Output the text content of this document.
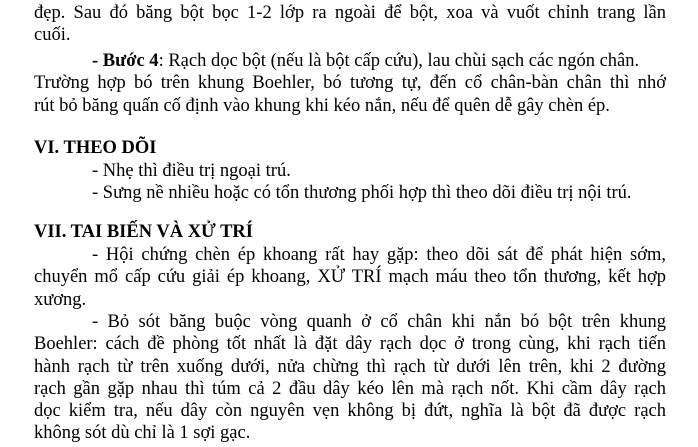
đẹp. Sau đó băng bột bọc 1-2 lớp ra ngoài để bột, xoa và vuốt chỉnh trang lần
cuối.
- Bước 4: Rạch dọc bột (nếu là bột cấp cứu), lau chùi sạch các ngón chân.
Trường hợp bó trên khung Boehler, bó tương tự, đến cổ chân-bàn chân thì nhớ
rút bỏ băng quấn cố định vào khung khi kéo nắn, nếu để quên dễ gây chèn ép.
VI. THEO DÕI
- Nhẹ thì điều trị ngoại trú.
- Sưng nề nhiều hoặc có tổn thương phối hợp thì theo dõi điều trị nội trú.
VII. TAI BIẾN VÀ XỬ TRÍ
- Hội chứng chèn ép khoang rất hay gặp: theo dõi sát để phát hiện sớm,
chuyển mổ cấp cứu giải ép khoang, XỬ TRÍ mạch máu theo tổn thương, kết hợp
xương.
- Bỏ sót băng buộc vòng quanh ở cổ chân khi nắn bó bột trên khung
Boehler: cách đề phòng tốt nhất là đặt dây rạch dọc ở trong cùng, khi rạch tiến
hành rạch từ trên xuống dưới, nửa chừng thì rạch từ dưới lên trên, khi 2 đường
rạch gần gặp nhau thì túm cả 2 đầu dây kéo lên mà rạch nốt. Khi cầm dây rạch
dọc kiểm tra, nếu dây còn nguyên vẹn không bị đứt, nghĩa là bột đã được rạch
không sót dù chỉ là 1 sợi gạc.
